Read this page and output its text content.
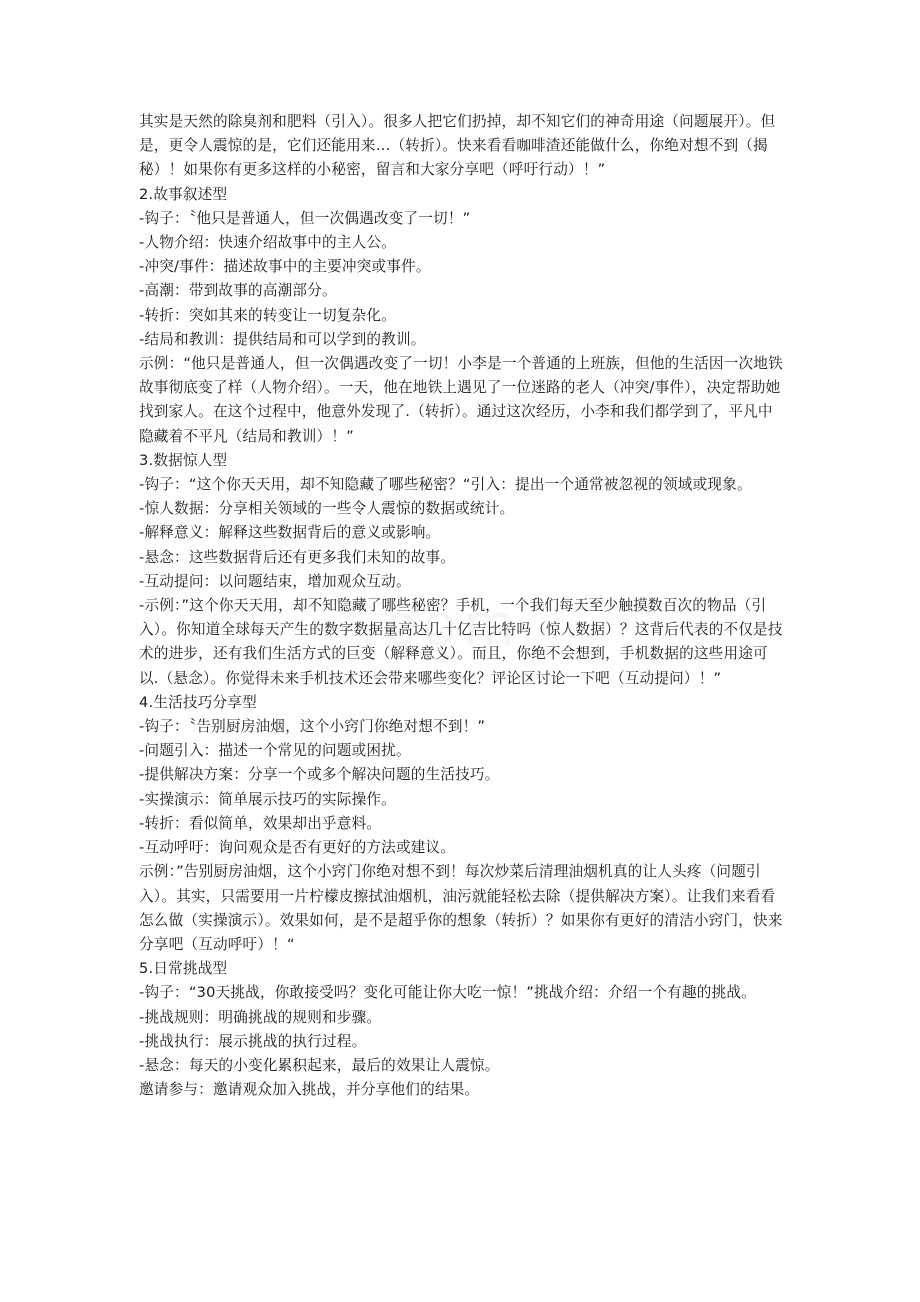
其实是天然的除臭剂和肥料（引入）。很多人把它们扔掉，却不知它们的神奇用途（问题展开）。但是，更令人震惊的是，它们还能用来…（转折）。快来看看咖啡渣还能做什么，你绝对想不到（揭秘）！如果你有更多这样的小秘密，留言和大家分享吧（呼吁行动）！”

2.故事叙述型

-钩子：〝他只是普通人，但一次偶遇改变了一切！”

-人物介绍：快速介绍故事中的主人公。

-冲突/事件：描述故事中的主要冲突或事件。

-高潮：带到故事的高潮部分。

-转折：突如其来的转变让一切复杂化。

-结局和教训：提供结局和可以学到的教训。

示例：“他只是普通人，但一次偶遇改变了一切！小李是一个普通的上班族，但他的生活因一次地铁故事彻底变了样（人物介绍）。一天，他在地铁上遇见了一位迷路的老人（冲突/事件），决定帮助她找到家人。在这个过程中，他意外发现了.（转折）。通过这次经历，小李和我们都学到了，平凡中隐藏着不平凡（结局和教训）！”

3.数据惊人型

-钩子：“这个你天天用，却不知隐藏了哪些秘密？“引入：提出一个通常被忽视的领域或现象。

-惊人数据：分享相关领域的一些令人震惊的数据或统计。

-解释意义：解释这些数据背后的意义或影响。

-悬念：这些数据背后还有更多我们未知的故事。

-互动提问：以问题结束，增加观众互动。

-示例：”这个你天天用，却不知隐藏了哪些秘密？手机，一个我们每天至少触摸数百次的物品（引入）。你知道全球每天产生的数字数据量高达几十亿吉比特吗（惊人数据）？这背后代表的不仅是技术的进步，还有我们生活方式的巨变（解释意义）。而且，你绝不会想到，手机数据的这些用途可以.（悬念）。你觉得未来手机技术还会带来哪些变化？评论区讨论一下吧（互动提问）！”

4.生活技巧分享型

-钩子：〝告别厨房油烟，这个小窍门你绝对想不到！”

-问题引入：描述一个常见的问题或困扰。

-提供解决方案：分享一个或多个解决问题的生活技巧。

-实操演示：简单展示技巧的实际操作。

-转折：看似简单，效果却出乎意料。

-互动呼吁：询问观众是否有更好的方法或建议。

示例：”告别厨房油烟，这个小窍门你绝对想不到！每次炒菜后清理油烟机真的让人头疼（问题引入）。其实，只需要用一片柠檬皮擦拭油烟机，油污就能轻松去除（提供解决方案）。让我们来看看怎么做（实操演示）。效果如何，是不是超乎你的想象（转折）？如果你有更好的清洁小窍门，快来分享吧（互动呼吁）！“

5.日常挑战型

-钩子：“30天挑战，你敢接受吗？变化可能让你大吃一惊！”挑战介绍：介绍一个有趣的挑战。

-挑战规则：明确挑战的规则和步骤。

-挑战执行：展示挑战的执行过程。

-悬念：每天的小变化累积起来，最后的效果让人震惊。

邀请参与：邀请观众加入挑战，并分享他们的结果。
